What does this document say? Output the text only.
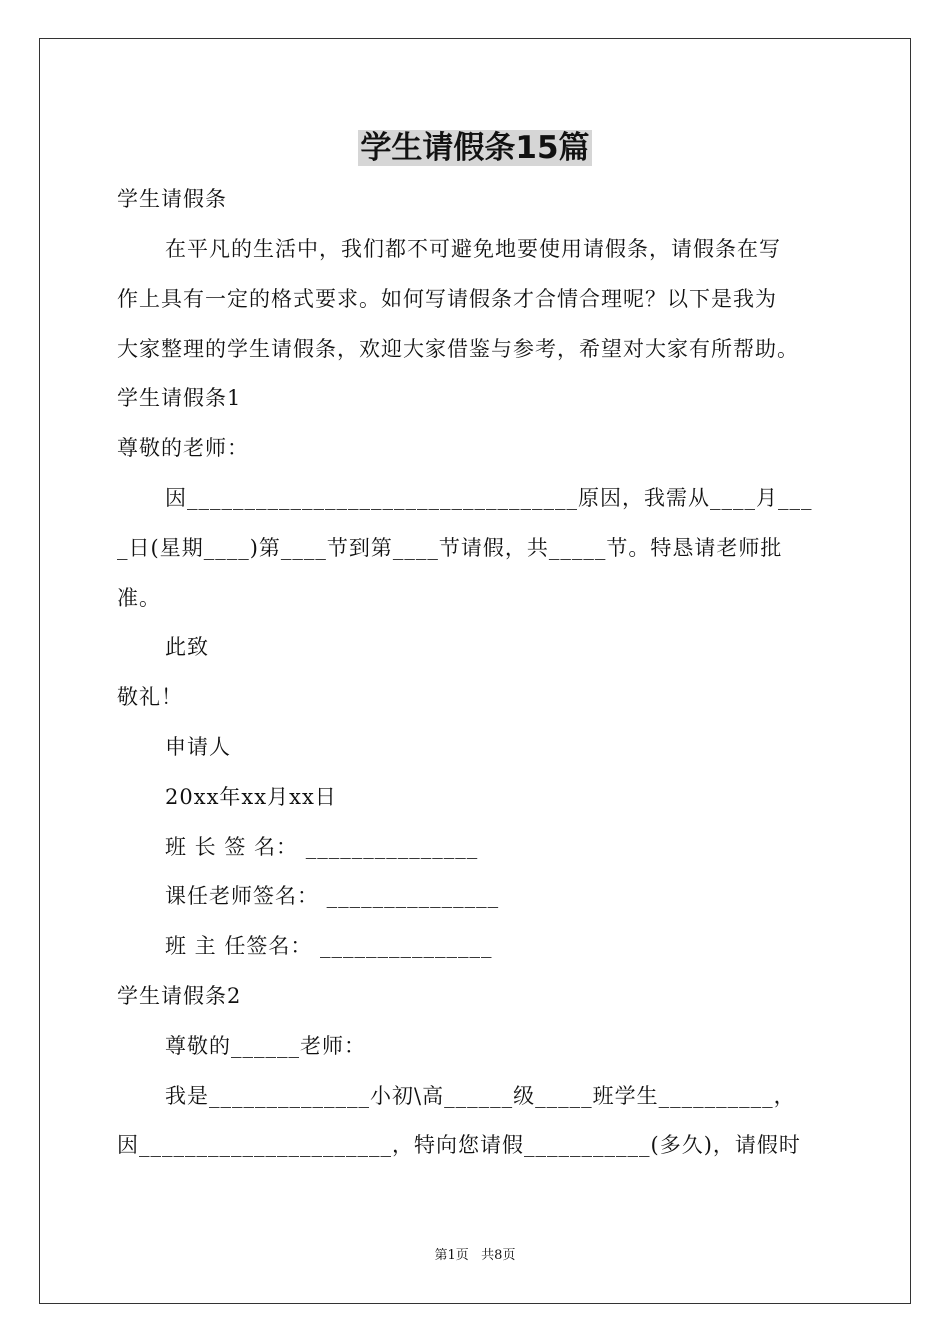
学生请假条15篇
学生请假条
在平凡的生活中，我们都不可避免地要使用请假条，请假条在写
作上具有一定的格式要求。如何写请假条才合情合理呢？以下是我为
大家整理的学生请假条，欢迎大家借鉴与参考，希望对大家有所帮助。
学生请假条1
尊敬的老师：
因__________________________________原因，我需从____月___
_日(星期____)第____节到第____节请假，共_____节。特恳请老师批
准。
此致
敬礼！
申请人
20xx年xx月xx日
班 长 签 名： _______________
课任老师签名： _______________
班 主 任签名： _______________
学生请假条2
尊敬的______老师：
我是______________小初\高______级_____班学生__________，
因______________________，特向您请假___________(多久)，请假时
第1页   共8页
